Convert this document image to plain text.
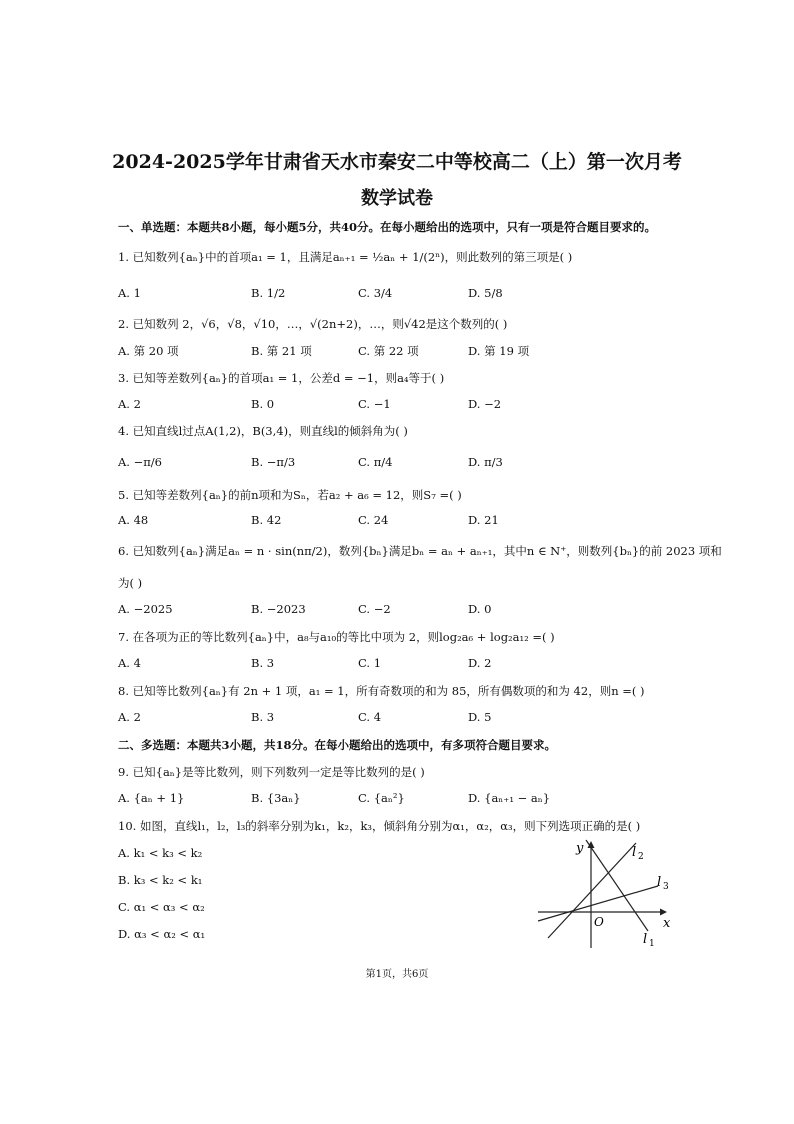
2024-2025学年甘肃省天水市秦安二中等校高二（上）第一次月考
数学试卷
一、单选题：本题共8小题，每小题5分，共40分。在每小题给出的选项中，只有一项是符合题目要求的。
1. 已知数列{aₙ}中的首项a₁ = 1，且满足aₙ₊₁ = ½aₙ + 1/(2ⁿ)，则此数列的第三项是( )
A. 1	B. 1/2	C. 3/4	D. 5/8
2. 已知数列 2，√6，√8，√10，…，√(2n+2)，…，则√42是这个数列的( )
A. 第 20 项	B. 第 21 项	C. 第 22 项	D. 第 19 项
3. 已知等差数列{aₙ}的首项a₁ = 1，公差d = −1，则a₄等于( )
A. 2	B. 0	C. −1	D. −2
4. 已知直线l过点A(1,2)，B(3,4)，则直线l的倾斜角为( )
A. −π/6	B. −π/3	C. π/4	D. π/3
5. 已知等差数列{aₙ}的前n项和为Sₙ，若a₂ + a₆ = 12，则S₇ =( )
A. 48	B. 42	C. 24	D. 21
6. 已知数列{aₙ}满足aₙ = n · sin(nπ/2)，数列{bₙ}满足bₙ = aₙ + aₙ₊₁，其中n ∈ N⁺，则数列{bₙ}的前 2023 项和
为( )
A. −2025	B. −2023	C. −2	D. 0
7. 在各项为正的等比数列{aₙ}中，a₈与a₁₀的等比中项为 2，则log₂a₆ + log₂a₁₂ =( )
A. 4	B. 3	C. 1	D. 2
8. 已知等比数列{aₙ}有 2n + 1 项，a₁ = 1，所有奇数项的和为 85，所有偶数项的和为 42，则n =( )
A. 2	B. 3	C. 4	D. 5
二、多选题：本题共3小题，共18分。在每小题给出的选项中，有多项符合题目要求。
9. 已知{aₙ}是等比数列，则下列数列一定是等比数列的是( )
A. {aₙ + 1}	B. {3aₙ}	C. {aₙ²}	D. {aₙ₊₁ − aₙ}
10. 如图，直线l₁，l₂，l₃的斜率分别为k₁，k₂，k₃，倾斜角分别为α₁，α₂，α₃，则下列选项正确的是( )
A. k₁ < k₃ < k₂
B. k₃ < k₂ < k₁
C. α₁ < α₃ < α₂
D. α₃ < α₂ < α₁
x
y
O
l 1
l 2
l 3
第1页，共6页
